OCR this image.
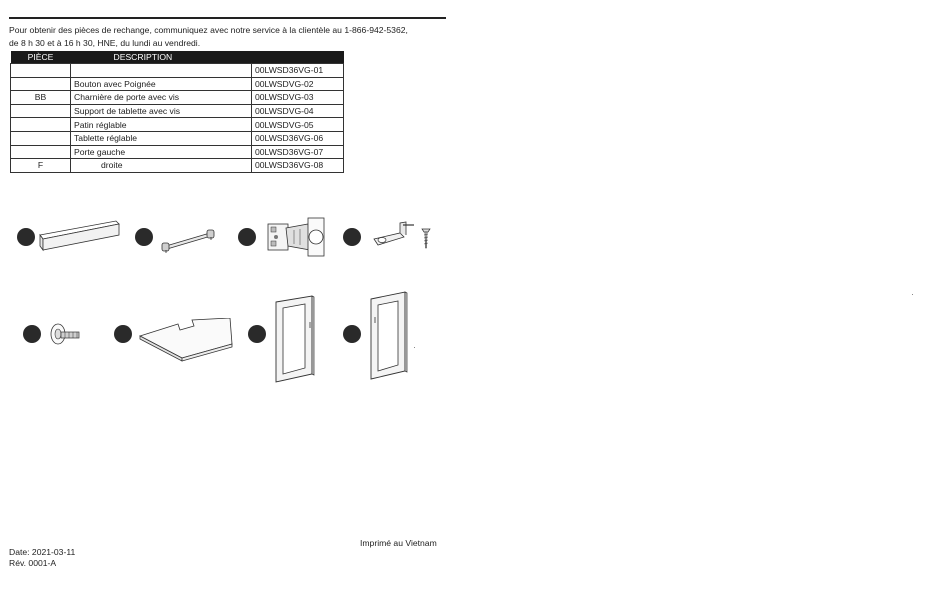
Pour obtenir des pièces de rechange, communiquez avec notre service à la clientèle au 1-866-942-5362,
de 8 h 30 et à 16 h 30, HNE, du lundi au vendredi.
PIÈCE	DESCRIPTION	
		00LWSD36VG-01
	Bouton avec Poignée	00LWSDVG-02
BB	Charnière de porte avec vis	00LWSDVG-03
	Support de tablette avec vis	00LWSDVG-04
	Patin réglable	00LWSDVG-05
	Tablette réglable	00LWSD36VG-06
	Porte gauche	00LWSD36VG-07
F	droite	00LWSD36VG-08
Imprimé au Vietnam
Date: 2021-03-11
Rév. 0001-A
